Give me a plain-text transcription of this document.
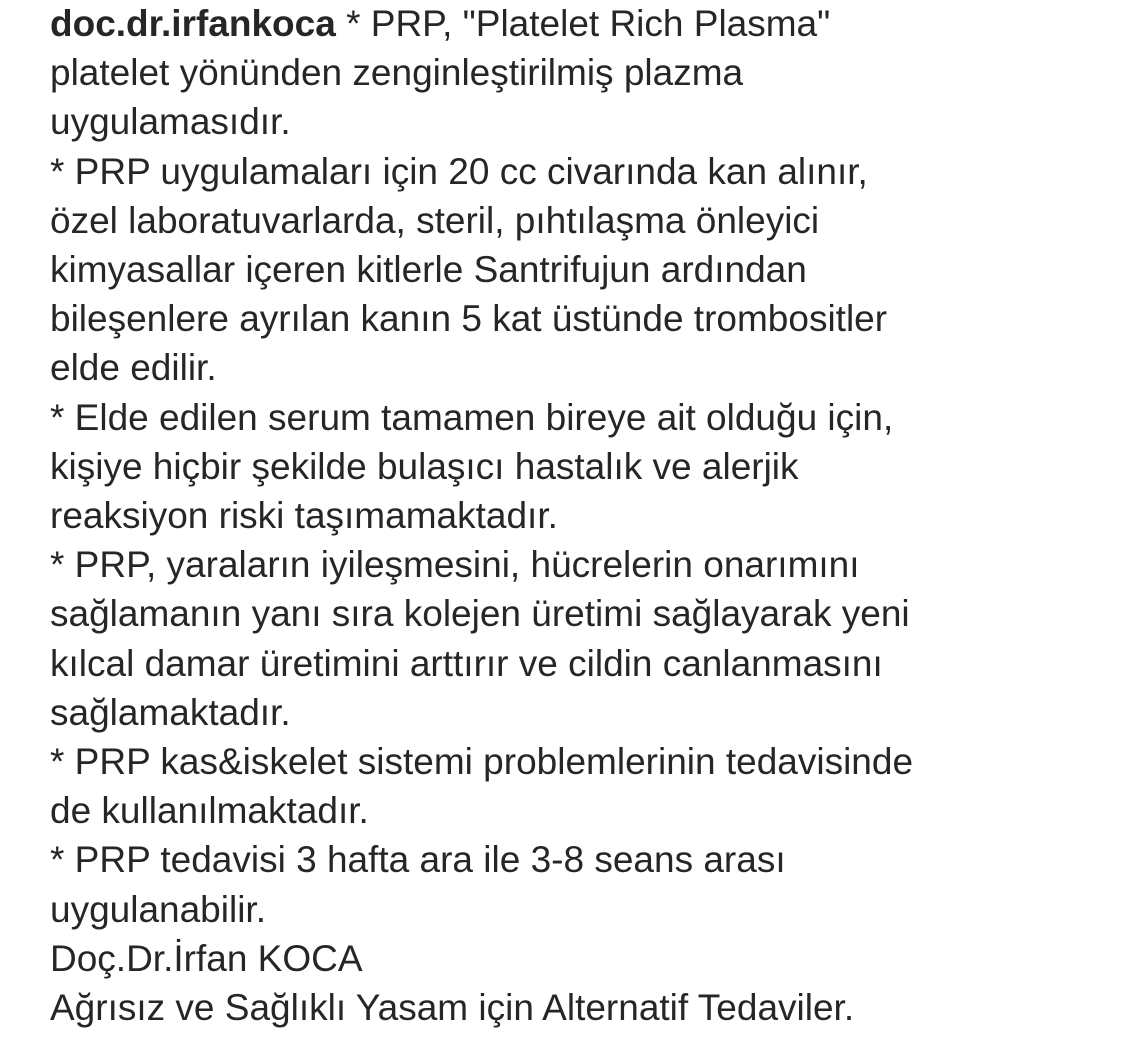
doc.dr.irfankoca * PRP, "Platelet Rich Plasma"
platelet yönünden zenginleştirilmiş plazma
uygulamasıdır.
* PRP uygulamaları için 20 cc civarında kan alınır,
özel laboratuvarlarda, steril, pıhtılaşma önleyici
kimyasallar içeren kitlerle Santrifujun ardından
bileşenlere ayrılan kanın 5 kat üstünde trombositler
elde edilir.
* Elde edilen serum tamamen bireye ait olduğu için,
kişiye hiçbir şekilde bulaşıcı hastalık ve alerjik
reaksiyon riski taşımamaktadır.
* PRP, yaraların iyileşmesini, hücrelerin onarımını
sağlamanın yanı sıra kolejen üretimi sağlayarak yeni
kılcal damar üretimini arttırır ve cildin canlanmasını
sağlamaktadır.
* PRP kas&iskelet sistemi problemlerinin tedavisinde
de kullanılmaktadır.
* PRP tedavisi 3 hafta ara ile 3-8 seans arası
uygulanabilir.
Doç.Dr.İrfan KOCA
Ağrısız ve Sağlıklı Yasam için Alternatif Tedaviler.
